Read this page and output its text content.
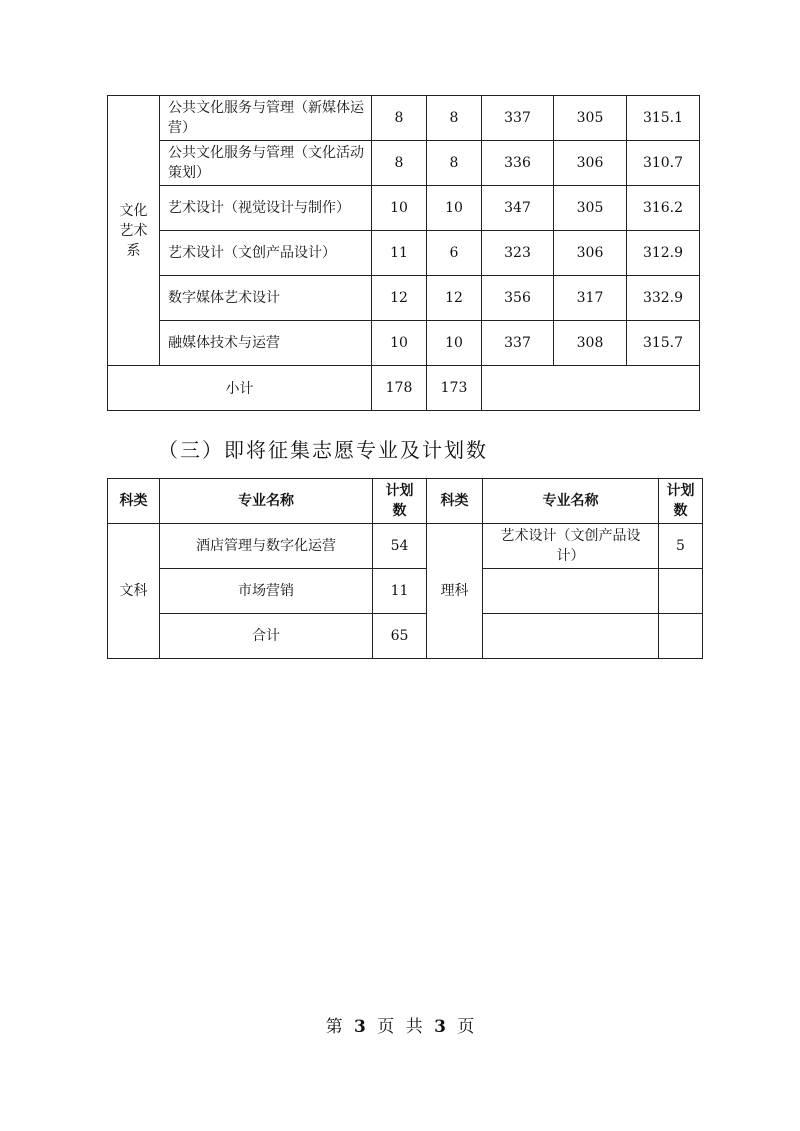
文化艺术系	公共文化服务与管理（新媒体运营）	8	8	337	305	315.1
	公共文化服务与管理（文化活动策划）	8	8	336	306	310.7
	艺术设计（视觉设计与制作）	10	10	347	305	316.2
	艺术设计（文创产品设计）	11	6	323	306	312.9
	数字媒体艺术设计	12	12	356	317	332.9
	融媒体技术与运营	10	10	337	308	315.7
小计		178	173			
（三）即将征集志愿专业及计划数
科类	专业名称	计划数	科类	专业名称	计划数
文科	酒店管理与数字化运营	54	理科	艺术设计（文创产品设计）	5
	市场营销	11			
	合计	65			
第 3 页 共 3 页
